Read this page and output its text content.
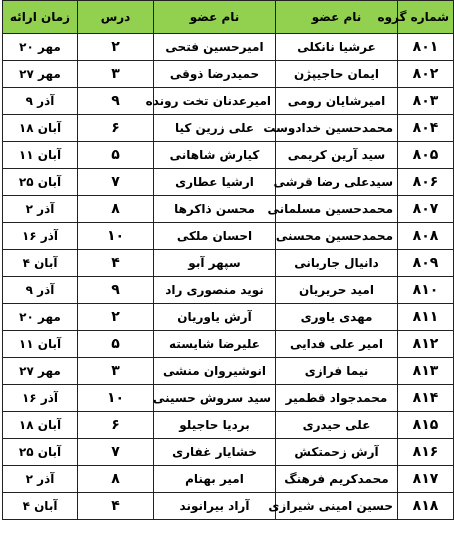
شماره گروه	نام عضو	نام عضو	درس	زمان ارائه
۸۰۱	عرشیا نانکلی	امیرحسین فتحی	۲	مهر ۲۰
۸۰۲	ایمان حاجیپژن	حمیدرضا ذوقی	۳	مهر ۲۷
۸۰۳	امیرشایان رومی	امیرعدنان تخت رونده	۹	آذر ۹
۸۰۴	محمدحسین خدادوست	علی زرین کیا	۶	آبان ۱۸
۸۰۵	سید آرین کریمی	کیارش شاهانی	۵	آبان ۱۱
۸۰۶	سیدعلی رضا قرشی	ارشیا عطاری	۷	آبان ۲۵
۸۰۷	محمدحسین مسلمانی	محسن ذاکرها	۸	آذر ۲
۸۰۸	محمدحسین محسنی	احسان ملکی	۱۰	آذر ۱۶
۸۰۹	دانیال جاربانی	سپهر آبو	۴	آبان ۴
۸۱۰	امید حریریان	نوید منصوری راد	۹	آذر ۹
۸۱۱	مهدی یاوری	آرش یاوریان	۲	مهر ۲۰
۸۱۲	امیر علی فدایی	علیرضا شایسته	۵	آبان ۱۱
۸۱۳	نیما فرازی	انوشیروان منشی	۳	مهر ۲۷
۸۱۴	محمدجواد قطمیر	سید سروش حسینی	۱۰	آذر ۱۶
۸۱۵	علی حیدری	بردیا حاجیلو	۶	آبان ۱۸
۸۱۶	آرش زحمتکش	خشایار غفاری	۷	آبان ۲۵
۸۱۷	محمدکریم فرهنگ	امیر بهنام	۸	آذر ۲
۸۱۸	حسین امینی شیرازی	آراد بیرانوند	۴	آبان ۴
